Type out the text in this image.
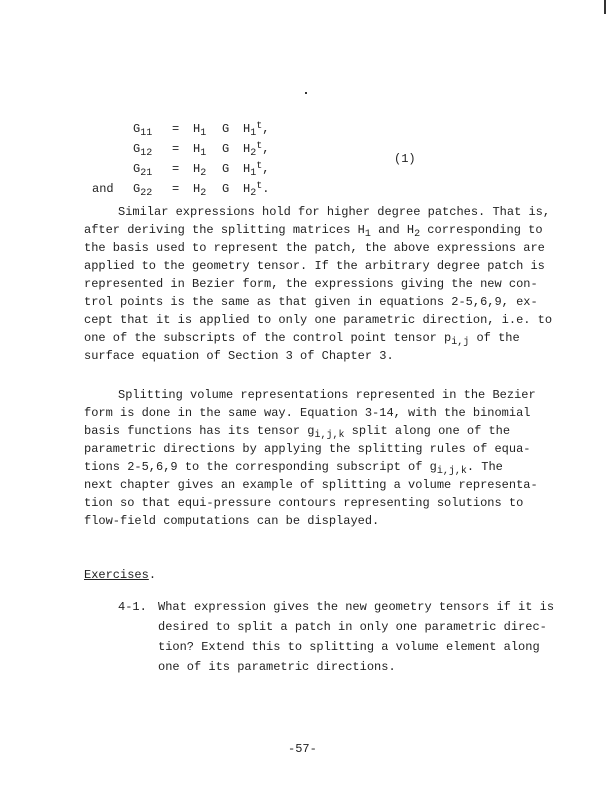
and
(1)
$G_{11} = H_1$ G $H_1^t$,
$G_{12} = H_1$ G $H_2^t$,
$G_{21} = H_2$ G $H_1^t$,
$G_{22} = H_2$ G $H_2^t$.
Similar expressions hold for higher degree patches. That is,
after deriving the splitting matrices $H_1$ and $H_2$ corresponding to
the basis used to represent the patch, the above expressions are
applied to the geometry tensor. If the arbitrary degree patch is
represented in Bezier form, the expressions giving the new con-
trol points is the same as that given in equations 2-5,6,9, ex-
cept that it is applied to only one parametric direction, i.e. to
one of the subscripts of the control point tensor $p_{i,j}$ of the
surface equation of Section 3 of Chapter 3.
Splitting volume representations represented in the Bezier
form is done in the same way. Equation 3-14, with the binomial
basis functions has its tensor $g_{i,j,k}$ split along one of the
parametric directions by applying the splitting rules of equa-
tions 2-5,6,9 to the corresponding subscript of $g_{i,j,k}$. The
next chapter gives an example of splitting a volume representa-
tion so that equi-pressure contours representing solutions to
flow-field computations can be displayed.
Exercises.
4-1. What expression gives the new geometry tensors if it is
desired to split a patch in only one parametric direc-
tion? Extend this to splitting a volume element along
one of its parametric directions.
-57-
